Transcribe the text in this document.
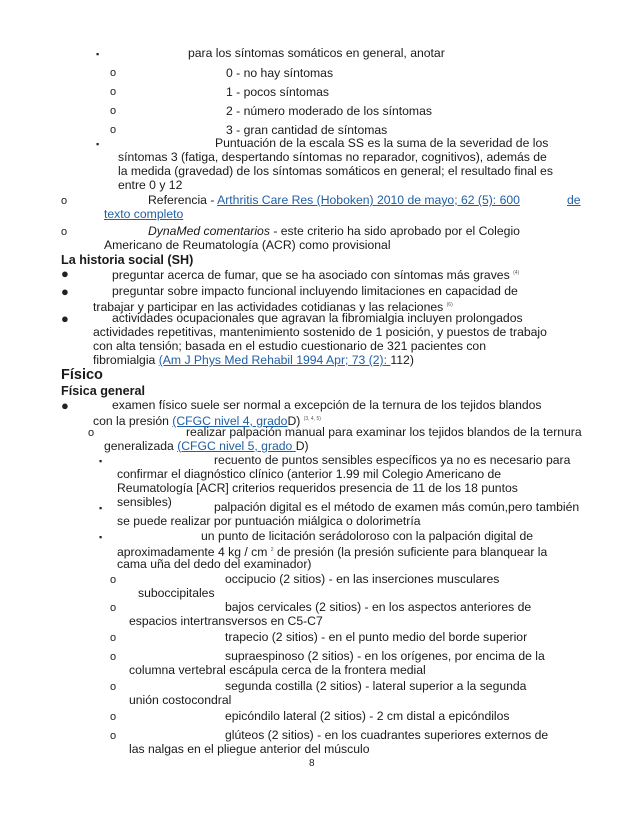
▪	para los síntomas somáticos en general, anotar
o	0 - no hay síntomas
o	1 - pocos síntomas
o	2 - número moderado de los síntomas
o	3 - gran cantidad de síntomas
▪	Puntuación de la escala SS es la suma de la severidad de los
síntomas 3 (fatiga, despertando síntomas no reparador, cognitivos), además de
la medida (gravedad) de los síntomas somáticos en general; el resultado final es
entre 0 y 12
o	Referencia - Arthritis Care Res (Hoboken) 2010 de mayo; 62 (5): 600	de
texto completo
o	DynaMed comentarios - este criterio ha sido aprobado por el Colegio
Americano de Reumatología (ACR) como provisional
La historia social (SH)
●	preguntar acerca de fumar, que se ha asociado con síntomas más graves $^{(4)}$
●	preguntar sobre impacto funcional incluyendo limitaciones en capacidad de
trabajar y participar en las actividades cotidianas y las relaciones $^{(6)}$
●	actividades ocupacionales que agravan la fibromialgia incluyen prolongados
actividades repetitivas, mantenimiento sostenido de 1 posición, y puestos de trabajo
con alta tensión; basada en el estudio cuestionario de 321 pacientes con
fibromialgia (Am J Phys Med Rehabil 1994 Apr; 73 (2): 112)
Físico
Física general
●	examen físico suele ser normal a excepción de la ternura de los tejidos blandos
con la presión (CFGC nivel 4, gradoD) $^{(3, 4, 5)}$
o	realizar palpación manual para examinar los tejidos blandos de la ternura
generalizada (CFGC nivel 5, grado D)
▪	recuento de puntos sensibles específicos ya no es necesario para
confirmar el diagnóstico clínico (anterior 1.99 mil Colegio Americano de
Reumatología [ACR] criterios requeridos presencia de 11 de los 18 puntos
sensibles)
▪	palpación digital es el método de examen más común,pero también
se puede realizar por puntuación miálgica o dolorimetría
▪	un punto de licitación serádoloroso con la palpación digital de
aproximadamente 4 kg / cm $^2$ de presión (la presión suficiente para blanquear la
cama uña del dedo del examinador)
o	occipucio (2 sitios) - en las inserciones musculares
suboccipitales
o	bajos cervicales (2 sitios) - en los aspectos anteriores de
espacios intertransversos en C5-C7
o	trapecio (2 sitios) - en el punto medio del borde superior
o	supraespinoso (2 sitios) - en los orígenes, por encima de la
columna vertebral escápula cerca de la frontera medial
o	segunda costilla (2 sitios) - lateral superior a la segunda
unión costocondral
o	epicóndilo lateral (2 sitios) - 2 cm distal a epicóndilos
o	glúteos (2 sitios) - en los cuadrantes superiores externos de
las nalgas en el pliegue anterior del músculo
8
